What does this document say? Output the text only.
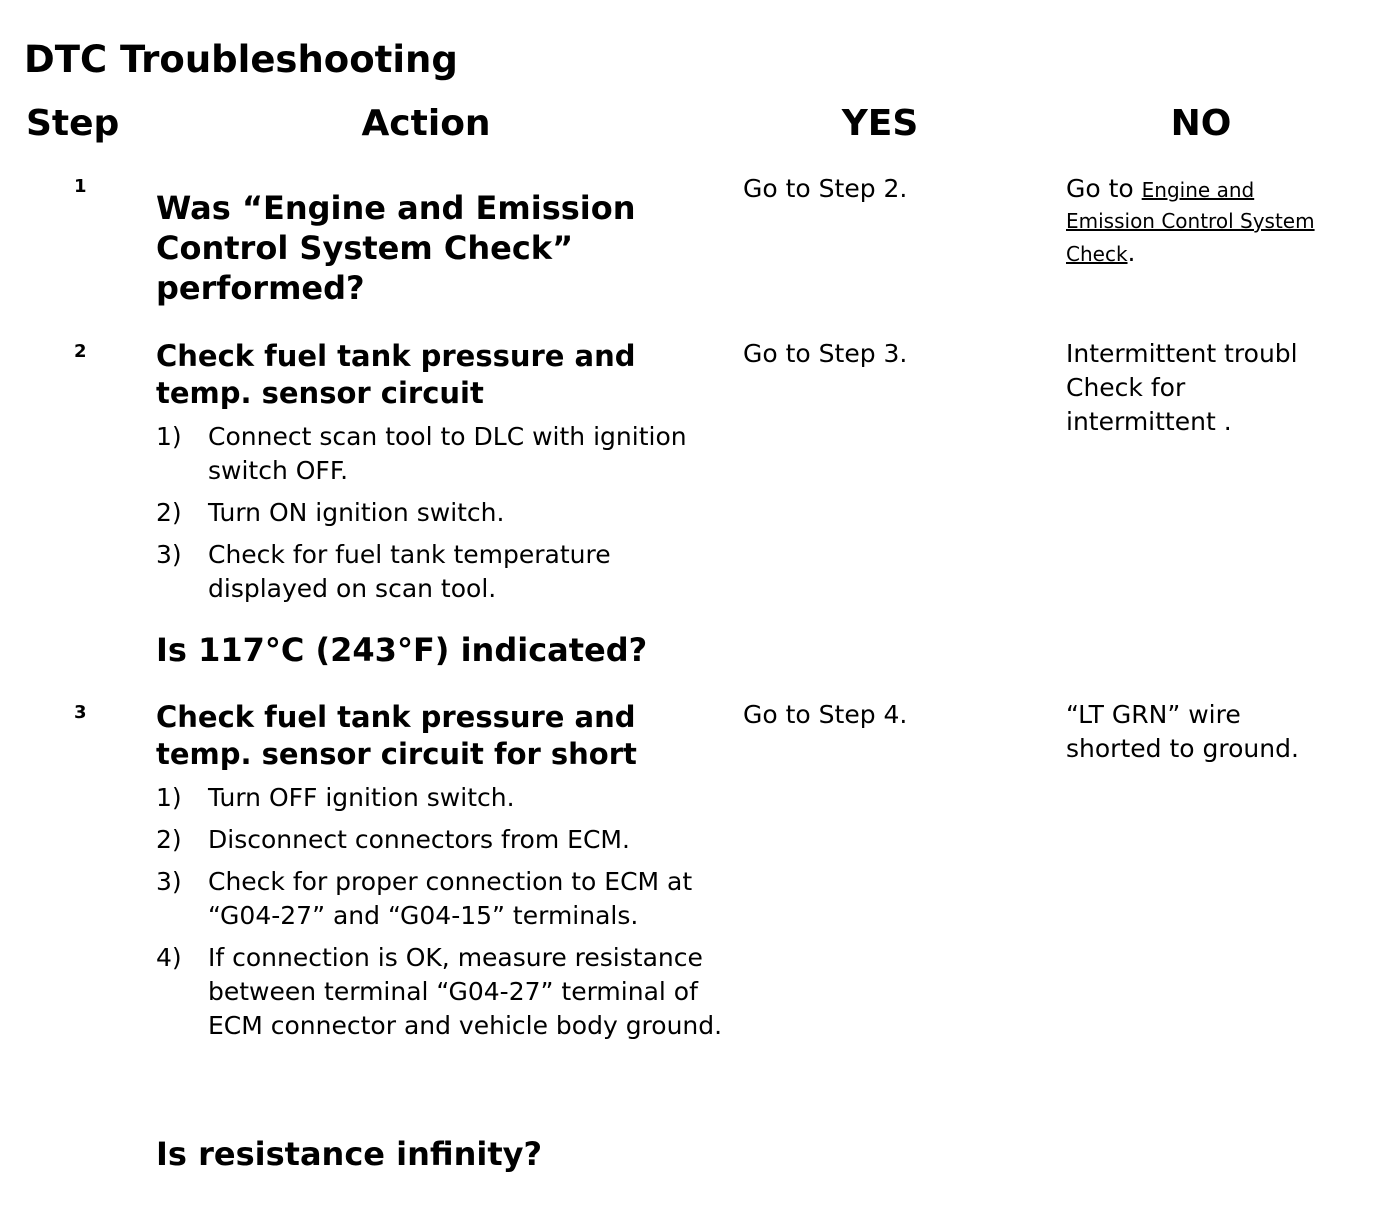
DTC Troubleshooting
Step	Action	YES	NO
1

Was “Engine and Emission Control System Check” performed?

Go to Step 2.	Go to Engine and
Emission Control System
Check.
2 Check fuel tank pressure and temp. sensor circuit

1)	Connect scan tool to DLC with ignition switch OFF.
2)	Turn ON ignition switch.
3)	Check for fuel tank temperature displayed on scan tool.

Is 117°C (243°F) indicated?

Go to Step 3.	Intermittent troubl
Check for
intermittent .
3 Check fuel tank pressure and temp. sensor circuit for short

1)	Turn OFF ignition switch.
2)	Disconnect connectors from ECM.
3)	Check for proper connection to ECM at “G04-27” and “G04-15” terminals.
4)	If connection is OK, measure resistance between terminal “G04-27” terminal of ECM connector and vehicle body ground.

Is resistance infinity?

Go to Step 4.	“LT GRN” wire
shorted to ground.
